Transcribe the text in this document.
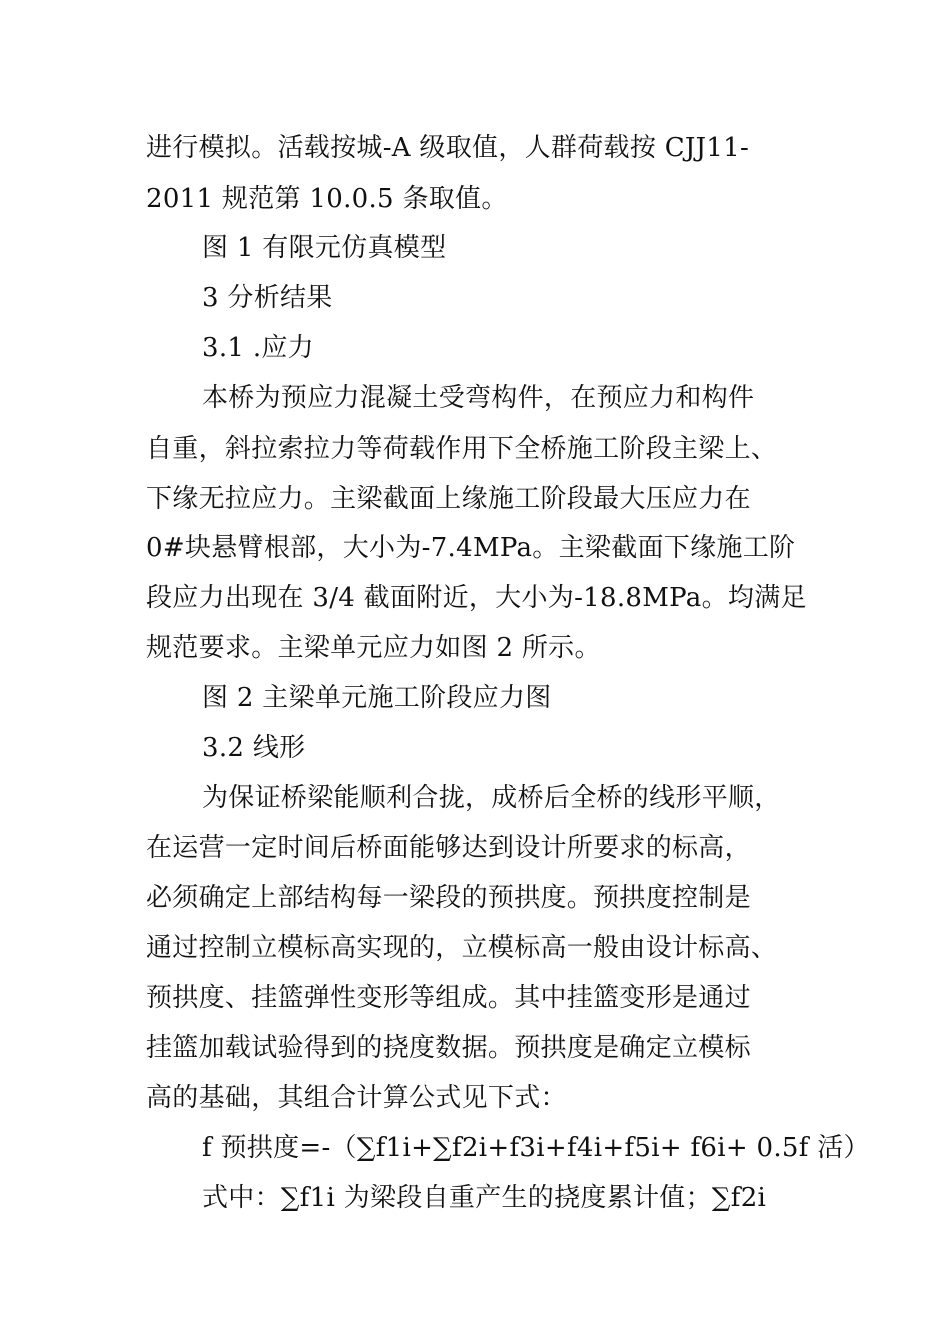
进行模拟。活载按城-A 级取值，人群荷载按 CJJ11-
2011 规范第 10.0.5 条取值。
图 1 有限元仿真模型
3 分析结果
3.1 .应力
本桥为预应力混凝土受弯构件，在预应力和构件
自重，斜拉索拉力等荷载作用下全桥施工阶段主梁上、
下缘无拉应力。主梁截面上缘施工阶段最大压应力在
0#块悬臂根部，大小为-7.4MPa。主梁截面下缘施工阶
段应力出现在 3/4 截面附近，大小为-18.8MPa。均满足
规范要求。主梁单元应力如图 2 所示。
图 2 主梁单元施工阶段应力图
3.2 线形
为保证桥梁能顺利合拢，成桥后全桥的线形平顺，
在运营一定时间后桥面能够达到设计所要求的标高，
必须确定上部结构每一梁段的预拱度。预拱度控制是
通过控制立模标高实现的，立模标高一般由设计标高、
预拱度、挂篮弹性变形等组成。其中挂篮变形是通过
挂篮加载试验得到的挠度数据。预拱度是确定立模标
高的基础，其组合计算公式见下式：
f 预拱度=-（∑f1i+∑f2i+f3i+f4i+f5i+ f6i+ 0.5f 活）
式中：∑f1i 为梁段自重产生的挠度累计值；∑f2i
